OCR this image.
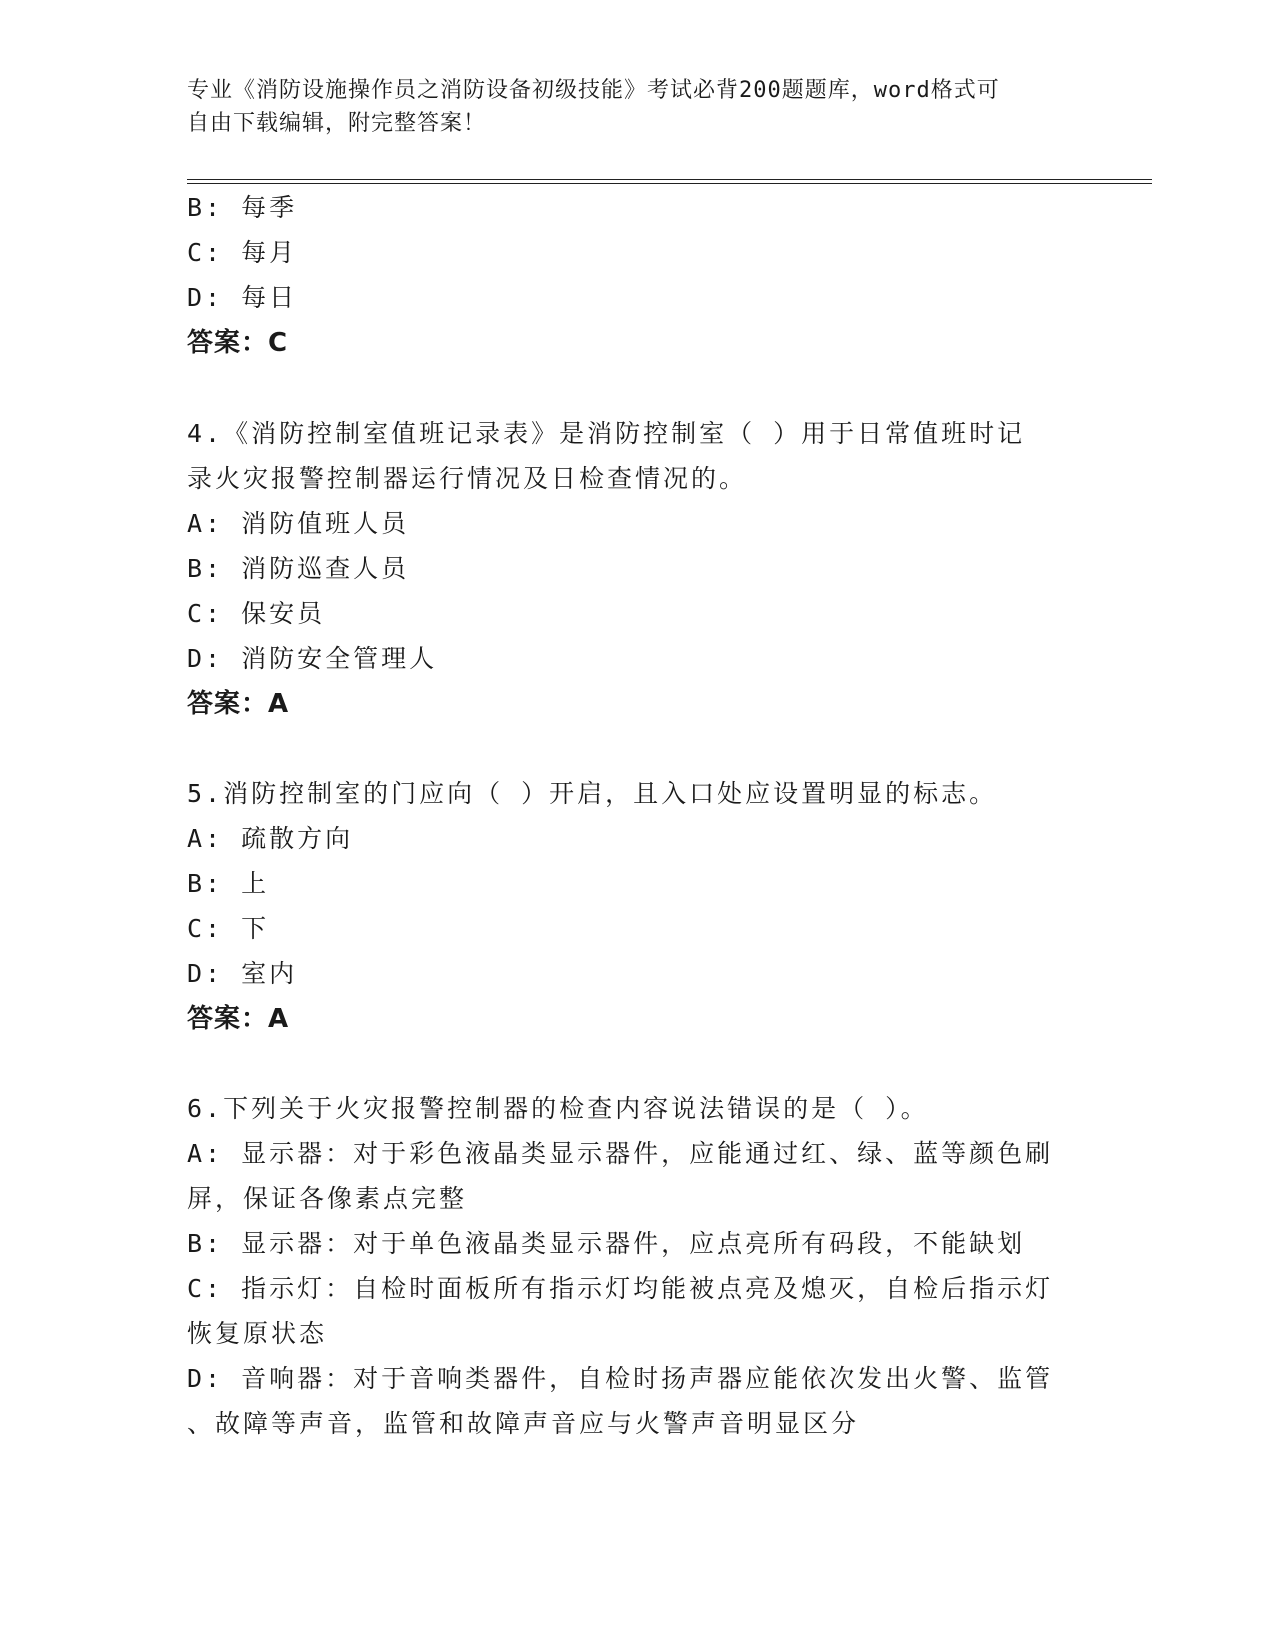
专业《消防设施操作员之消防设备初级技能》考试必背200题题库，word格式可
自由下载编辑，附完整答案！
B: 每季
C: 每月
D: 每日
答案：C
4.《消防控制室值班记录表》是消防控制室（ ）用于日常值班时记
录火灾报警控制器运行情况及日检查情况的。
A: 消防值班人员
B: 消防巡查人员
C: 保安员
D: 消防安全管理人
答案：A
5.消防控制室的门应向（ ）开启，且入口处应设置明显的标志。
A: 疏散方向
B: 上
C: 下
D: 室内
答案：A
6.下列关于火灾报警控制器的检查内容说法错误的是（ ）。
A: 显示器：对于彩色液晶类显示器件，应能通过红、绿、蓝等颜色刷
屏，保证各像素点完整
B: 显示器：对于单色液晶类显示器件，应点亮所有码段，不能缺划
C: 指示灯：自检时面板所有指示灯均能被点亮及熄灭，自检后指示灯
恢复原状态
D: 音响器：对于音响类器件，自检时扬声器应能依次发出火警、监管
、故障等声音，监管和故障声音应与火警声音明显区分
